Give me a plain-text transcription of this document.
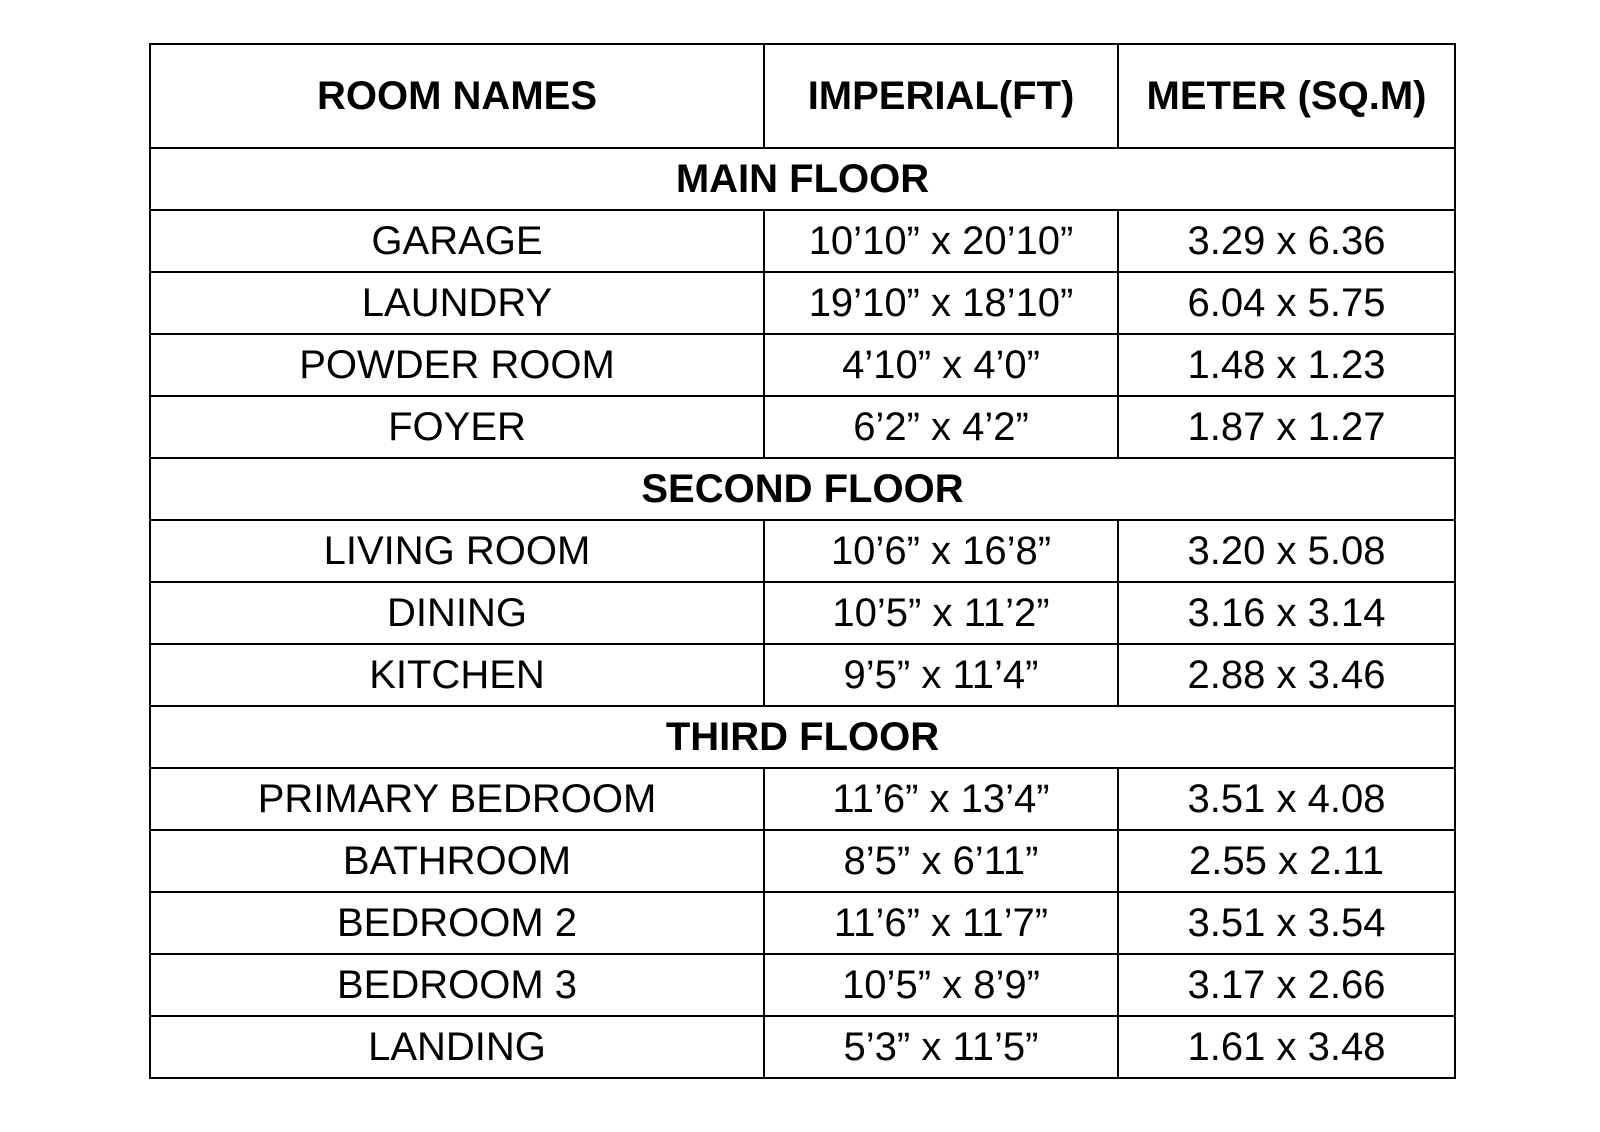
ROOM NAMES	IMPERIAL(FT)	METER (SQ.M)
MAIN FLOOR		
GARAGE	10’10” x 20’10”	3.29 x 6.36
LAUNDRY	19’10” x 18’10”	6.04 x 5.75
POWDER ROOM	4’10” x 4’0”	1.48 x 1.23
FOYER	6’2” x 4’2”	1.87 x 1.27
SECOND FLOOR		
LIVING ROOM	10’6” x 16’8”	3.20 x 5.08
DINING	10’5” x 11’2”	3.16 x 3.14
KITCHEN	9’5” x 11’4”	2.88 x 3.46
THIRD FLOOR		
PRIMARY BEDROOM	11’6” x 13’4”	3.51 x 4.08
BATHROOM	8’5” x 6’11”	2.55 x 2.11
BEDROOM 2	11’6” x 11’7”	3.51 x 3.54
BEDROOM 3	10’5” x 8’9”	3.17 x 2.66
LANDING	5’3” x 11’5”	1.61 x 3.48
